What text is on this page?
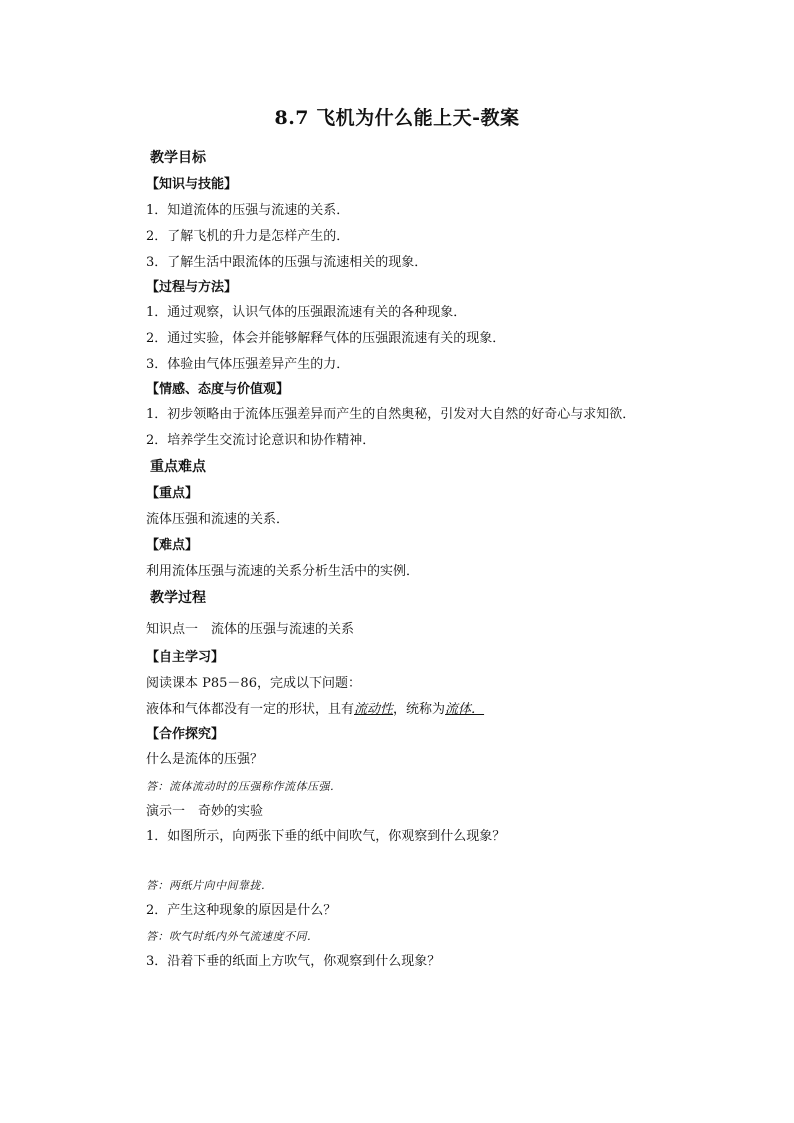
8.7 飞机为什么能上天-教案
教学目标
【知识与技能】
1．知道流体的压强与流速的关系．
2．了解飞机的升力是怎样产生的．
3．了解生活中跟流体的压强与流速相关的现象．
【过程与方法】
1．通过观察，认识气体的压强跟流速有关的各种现象．
2．通过实验，体会并能够解释气体的压强跟流速有关的现象．
3．体验由气体压强差异产生的力．
【情感、态度与价值观】
1．初步领略由于流体压强差异而产生的自然奥秘，引发对大自然的好奇心与求知欲．
2．培养学生交流讨论意识和协作精神．
重点难点
【重点】
流体压强和流速的关系．
【难点】
利用流体压强与流速的关系分析生活中的实例．
教学过程
知识点一　流体的压强与流速的关系
【自主学习】
阅读课本 P85－86，完成以下问题：
液体和气体都没有一定的形状，且有流动性，统称为流体．
【合作探究】
什么是流体的压强？
答：流体流动时的压强称作流体压强．
演示一　奇妙的实验
1．如图所示，向两张下垂的纸中间吹气，你观察到什么现象？
答：两纸片向中间靠拢．
2．产生这种现象的原因是什么？
答：吹气时纸内外气流速度不同．
3．沿着下垂的纸面上方吹气，你观察到什么现象？
